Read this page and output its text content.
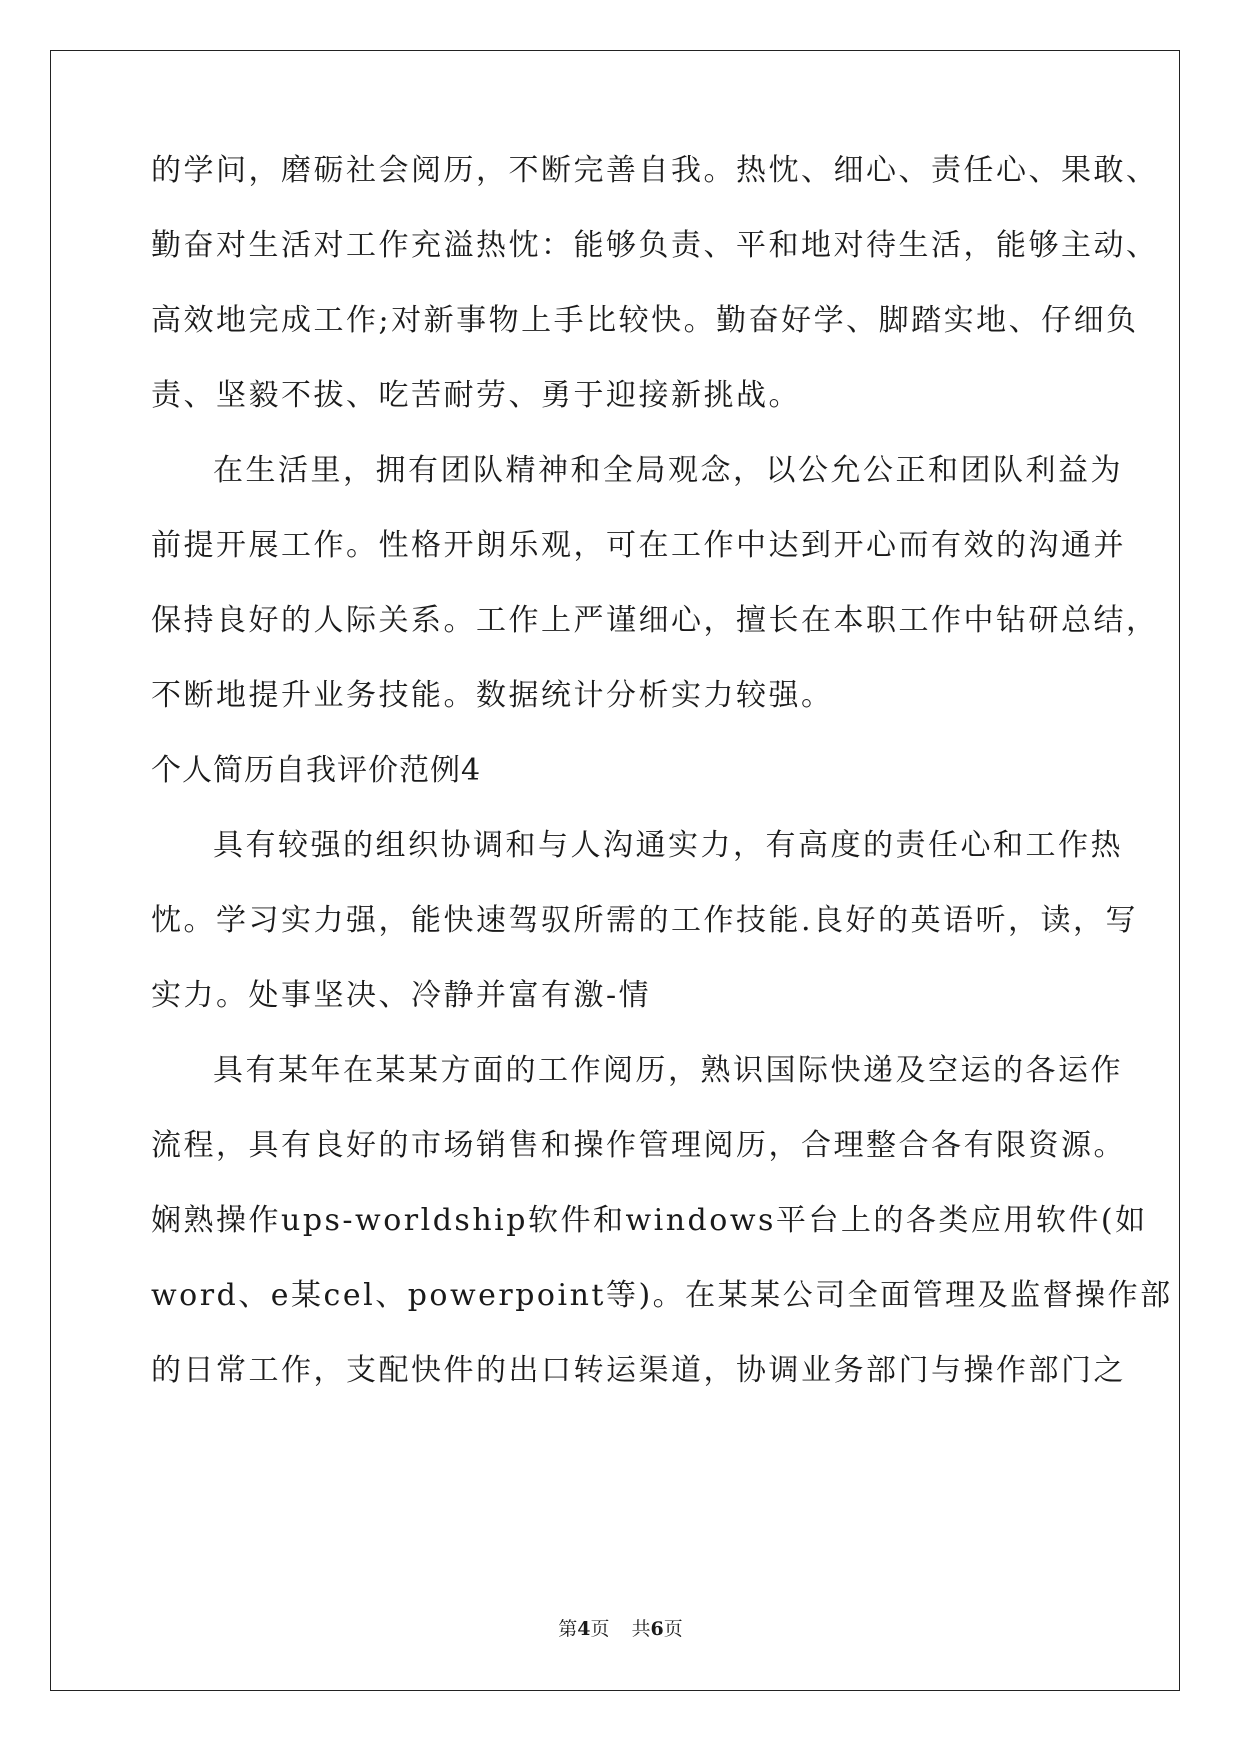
的学问，磨砺社会阅历，不断完善自我。热忱、细心、责任心、果敢、

勤奋对生活对工作充溢热忱：能够负责、平和地对待生活，能够主动、

高效地完成工作;对新事物上手比较快。勤奋好学、脚踏实地、仔细负

责、坚毅不拔、吃苦耐劳、勇于迎接新挑战。

在生活里，拥有团队精神和全局观念，以公允公正和团队利益为

前提开展工作。性格开朗乐观，可在工作中达到开心而有效的沟通并

保持良好的人际关系。工作上严谨细心，擅长在本职工作中钻研总结，

不断地提升业务技能。数据统计分析实力较强。

个人简历自我评价范例4

具有较强的组织协调和与人沟通实力，有高度的责任心和工作热

忱。学习实力强，能快速驾驭所需的工作技能.良好的英语听，读，写

实力。处事坚决、冷静并富有激-情

具有某年在某某方面的工作阅历，熟识国际快递及空运的各运作

流程，具有良好的市场销售和操作管理阅历，合理整合各有限资源。

娴熟操作ups-worldship软件和windows平台上的各类应用软件(如

word、e某cel、powerpoint等)。在某某公司全面管理及监督操作部

的日常工作，支配快件的出口转运渠道，协调业务部门与操作部门之

第4页 共6页
